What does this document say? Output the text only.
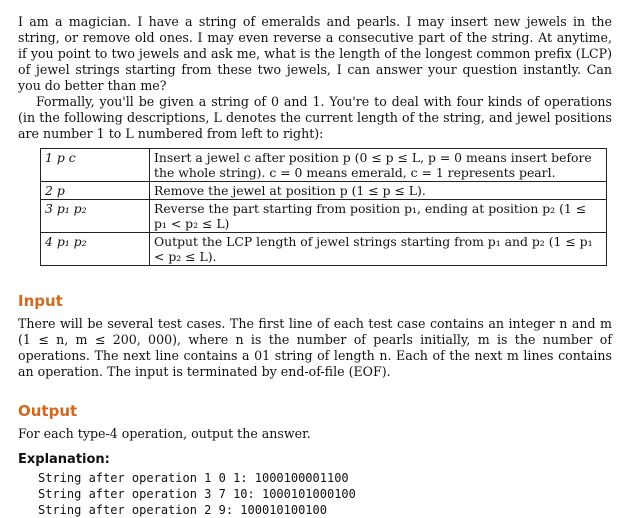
I am a magician. I have a string of emeralds and pearls. I may insert new jewels in the string, or remove old ones. I may even reverse a consecutive part of the string. At anytime, if you point to two jewels and ask me, what is the length of the longest common prefix (LCP) of jewel strings starting from these two jewels, I can answer your question instantly. Can you do better than me?

Formally, you'll be given a string of 0 and 1. You're to deal with four kinds of operations (in the following descriptions, L denotes the current length of the string, and jewel positions are number 1 to L numbered from left to right):

1 p c	Insert a jewel c after position p (0 ≤ p ≤ L, p = 0 means insert before the whole string). c = 0 means emerald, c = 1 represents pearl.
2 p	Remove the jewel at position p (1 ≤ p ≤ L).
3 p₁ p₂	Reverse the part starting from position p₁, ending at position p₂ (1 ≤ p₁ < p₂ ≤ L)
4 p₁ p₂	Output the LCP length of jewel strings starting from p₁ and p₂ (1 ≤ p₁ < p₂ ≤ L).
Input

There will be several test cases. The first line of each test case contains an integer n and m (1 ≤ n, m ≤ 200, 000), where n is the number of pearls initially, m is the number of operations. The next line contains a 01 string of length n. Each of the next m lines contains an operation. The input is terminated by end-of-file (EOF).

Output

For each type-4 operation, output the answer.

Explanation:
String after operation 1 0 1: 1000100001100
String after operation 3 7 10: 1000101000100
String after operation 2 9: 100010100100
